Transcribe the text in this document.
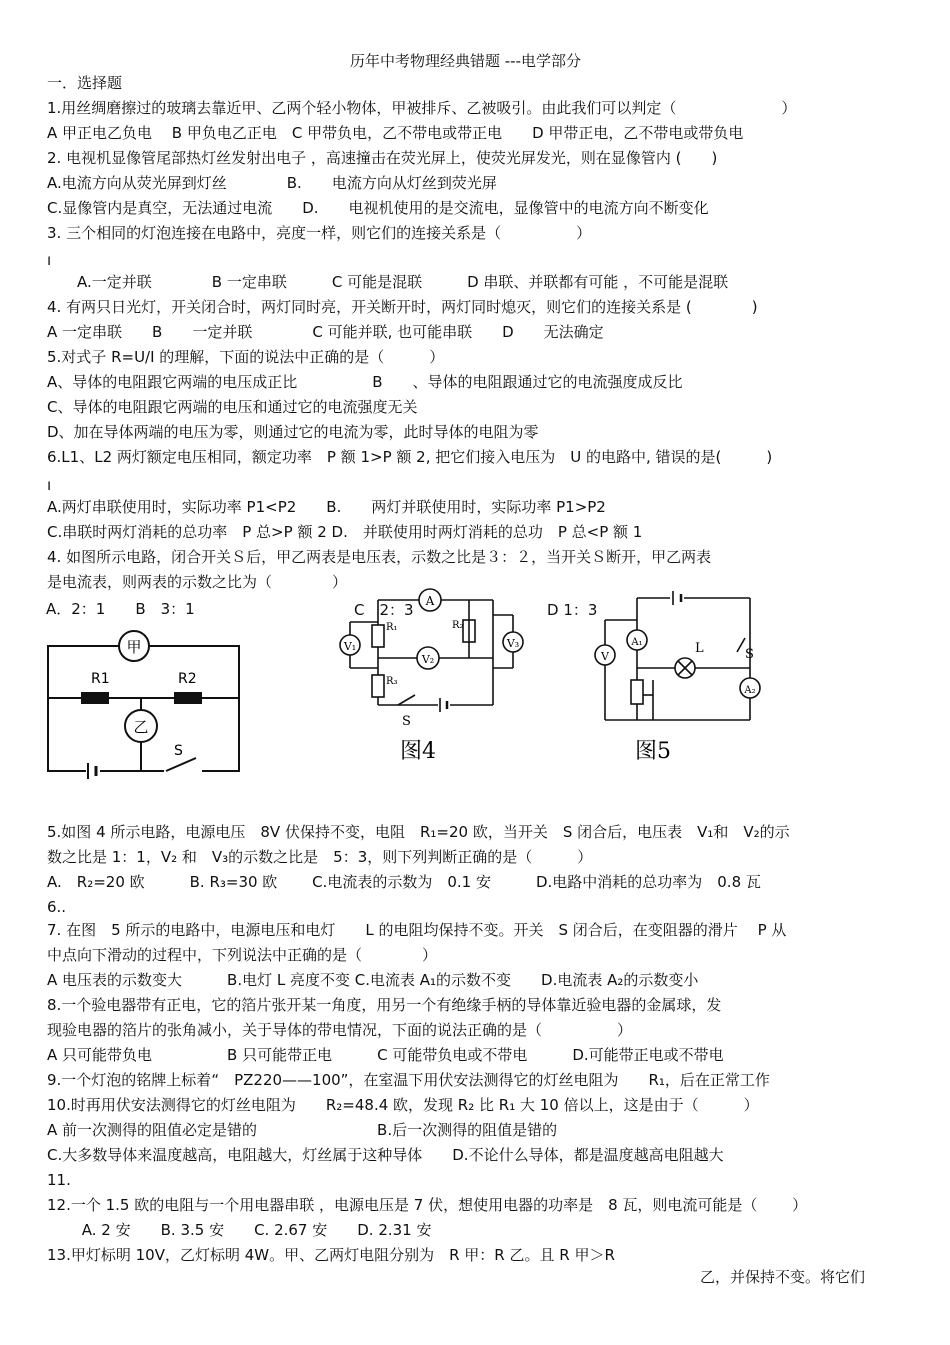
历年中考物理经典错题 ---电学部分
一．选择题
1.用丝绸磨擦过的玻璃去靠近甲、乙两个轻小物体，甲被排斥、乙被吸引。由此我们可以判定（　　　　　　　）
A 甲正电乙负电　 B 甲负电乙正电　C 甲带负电，乙不带电或带正电　　D 甲带正电，乙不带电或带负电
2. 电视机显像管尾部热灯丝发射出电子 ，高速撞击在荧光屏上，使荧光屏发光，则在显像管内 (　　)
A.电流方向从荧光屏到灯丝　　　　B.　　电流方向从灯丝到荧光屏
C.显像管内是真空，无法通过电流　　D.　　电视机使用的是交流电，显像管中的电流方向不断变化
3. 三个相同的灯泡连接在电路中，亮度一样，则它们的连接关系是（　　　　　）
ı
　　A.一定并联　　　　B 一定串联　　　C 可能是混联　　　D 串联、并联都有可能 ，不可能是混联
4. 有两只日光灯，开关闭合时，两灯同时亮，开关断开时，两灯同时熄灭，则它们的连接关系是 (　　　　)
A 一定串联　　B　　一定并联　　　　C 可能并联, 也可能串联　　D　　无法确定
5.对式子 R=U/I 的理解，下面的说法中正确的是（　　　）
A、导体的电阻跟它两端的电压成正比　　　　　B　　、导体的电阻跟通过它的电流强度成反比
C、导体的电阻跟它两端的电压和通过它的电流强度无关
D、加在导体两端的电压为零，则通过它的电流为零，此时导体的电阻为零
6.L1、L2 两灯额定电压相同，额定功率　P 额 1>P 额 2, 把它们接入电压为　U 的电路中, 错误的是(　　　)
ı
A.两灯串联使用时，实际功率 P1<P2　　B.　　两灯并联使用时，实际功率 P1>P2
C.串联时两灯消耗的总功率　P 总>P 额 2 D.　并联使用时两灯消耗的总功　P 总<P 额 1
4. 如图所示电路，闭合开关Ｓ后，甲乙两表是电压表，示数之比是３：２，当开关Ｓ断开，甲乙两表
是电流表，则两表的示数之比为（　　　　）
5.如图 4 所示电路，电源电压　8V 伏保持不变，电阻　R₁=20 欧，当开关　S 闭合后，电压表　V₁和　V₂的示
数之比是 1：1，V₂ 和　V₃的示数之比是　5：3，则下列判断正确的是（　　　）
A.　R₂=20 欧　　　B. R₃=30 欧　　 C.电流表的示数为　0.1 安　　　D.电路中消耗的总功率为　0.8 瓦
6..
7. 在图　5 所示的电路中，电源电压和电灯　　L 的电阻均保持不变。开关　S 闭合后，在变阻器的滑片　 P 从
中点向下滑动的过程中，下列说法中正确的是（　　　　）
A 电压表的示数变大　　　B.电灯 L 亮度不变 C.电流表 A₁的示数不变　　D.电流表 A₂的示数变小
8.一个验电器带有正电，它的箔片张开某一角度，用另一个有绝缘手柄的导体靠近验电器的金属球，发
现验电器的箔片的张角减小，关于导体的带电情况，下面的说法正确的是（　　　　　）
A 只可能带负电　　　　　B 只可能带正电　　　C 可能带负电或不带电　　　D.可能带正电或不带电
9.一个灯泡的铭牌上标着“　PZ220——100”，在室温下用伏安法测得它的灯丝电阻为　　R₁，后在正常工作
10.时再用伏安法测得它的灯丝电阻为　　R₂=48.4 欧，发现 R₂ 比 R₁ 大 10 倍以上，这是由于（　　　）
A 前一次测得的阻值必定是错的　　　　　　　　B.后一次测得的阻值是错的
C.大多数导体来温度越高，电阻越大，灯丝属于这种导体　　D.不论什么导体，都是温度越高电阻越大
11.
12.一个 1.5 欧的电阻与一个用电器串联 ，电源电压是 7 伏，想使用电器的功率是　8 瓦，则电流可能是（　　 ）
　　 A. 2 安　　B. 3.5 安　　C. 2.67 安　　D. 2.31 安
13.甲灯标明 10V，乙灯标明 4W。甲、乙两灯电阻分别为　R 甲：R 乙。且 R 甲＞R
乙，并保持不变。将它们
A．2：1　　B　3：1
甲
R1	R2
乙
S
C　2：3 A
V₁
V₂
V₃
R₁	R₂
R₃
S
图4
D 1：3
V
A₁
A₂
L	S
图5
